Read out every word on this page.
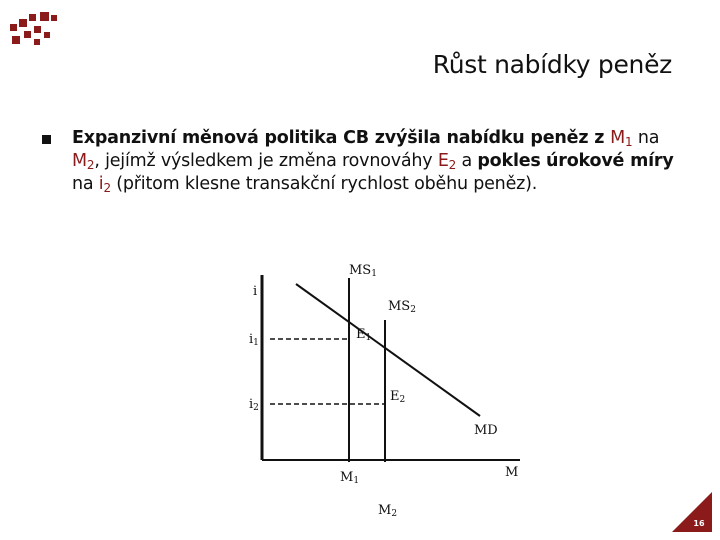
Růst nabídky peněz
Expanzivní měnová politika CB zvýšila nabídku peněz z $M_1$ na $M_2$, jejímž výsledkem je změna rovnováhy $E_2$ a pokles úrokové míry na $i_2$ (přitom klesne transakční rychlost oběhu peněz).
i
MS1
MS2
E1
E2
i1
i2
MD
M
M1
M2
16
